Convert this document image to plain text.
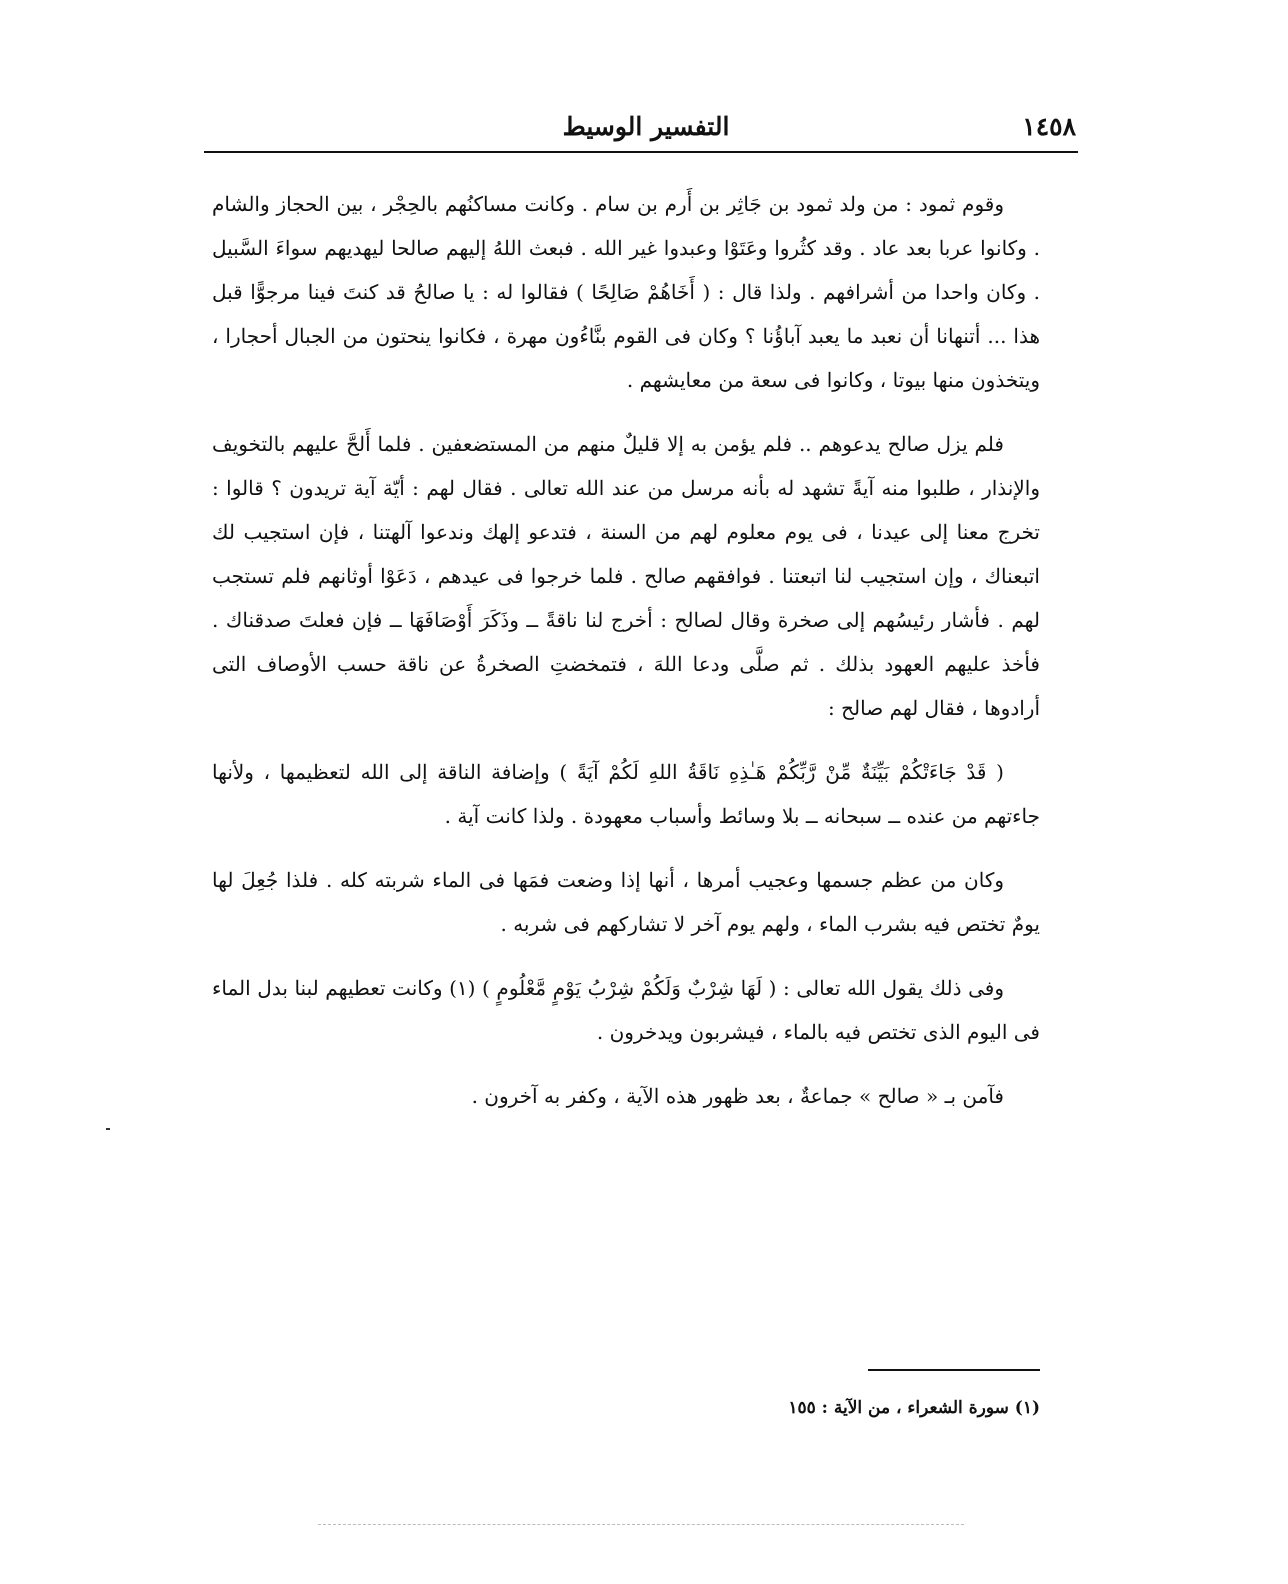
التفسير الوسيط	١٤٥٨

وقوم ثمود : من ولد ثمود بن جَاثِر بن أَرم بن سام . وكانت مساكنُهم بالحِجْر ، بين الحجاز والشام . وكانوا عربا بعد عاد . وقد كثُروا وعَتَوْا وعبدوا غير الله . فبعث اللهُ إليهم صالحا ليهديهم سواءَ السَّبيل . وكان واحدا من أشرافهم . ولذا قال : ( أَخَاهُمْ صَالِحًا ) فقالوا له : يا صالحُ قد كنتَ فينا مرجوًّا قبل هذا ... أتنهانا أن نعبد ما يعبد آباؤُنا ؟ وكان فى القوم بنَّاءُون مهرة ، فكانوا ينحتون من الجبال أحجارا ، ويتخذون منها بيوتا ، وكانوا فى سعة من معايشهم .

فلم يزل صالح يدعوهم .. فلم يؤمن به إلا قليلٌ منهم من المستضعفين . فلما أَلحَّ عليهم بالتخويف والإنذار ، طلبوا منه آيةً تشهد له بأنه مرسل من عند الله تعالى . فقال لهم : أيّة آية تريدون ؟ قالوا : تخرج معنا إلى عيدنا ، فى يوم معلوم لهم من السنة ، فتدعو إلهك وندعوا آلهتنا ، فإن استجيب لك اتبعناك ، وإن استجيب لنا اتبعتنا . فوافقهم صالح . فلما خرجوا فى عيدهم ، دَعَوْا أوثانهم فلم تستجب لهم . فأشار رئيسُهم إلى صخرة وقال لصالح : أخرج لنا ناقةً ــ وذَكَرَ أَوْصَافَهَا ــ فإن فعلتَ صدقناك . فأخذ عليهم العهود بذلك . ثم صلَّى ودعا اللهَ ، فتمخضتِ الصخرةُ عن ناقة حسب الأوصاف التى أرادوها ، فقال لهم صالح :

( قَدْ جَاءَتْكُمْ بَيِّنَةٌ مِّنْ رَّبِّكُمْ هَـٰذِهِ نَاقَةُ اللهِ لَكُمْ آيَةً ) وإضافة الناقة إلى الله لتعظيمها ، ولأنها جاءتهم من عنده ــ سبحانه ــ بلا وسائط وأسباب معهودة . ولذا كانت آية .

وكان من عظم جسمها وعجيب أمرها ، أنها إذا وضعت فمَها فى الماء شربته كله . فلذا جُعِلَ لها يومٌ تختص فيه بشرب الماء ، ولهم يوم آخر لا تشاركهم فى شربه .

وفى ذلك يقول الله تعالى : ( لَهَا شِرْبٌ وَلَكُمْ شِرْبُ يَوْمٍ مَّعْلُومٍ ) (١) وكانت تعطيهم لبنا بدل الماء فى اليوم الذى تختص فيه بالماء ، فيشربون ويدخرون .

فآمن بـ « صالح » جماعةٌ ، بعد ظهور هذه الآية ، وكفر به آخرون .

(١) سورة الشعراء ، من الآية : ١٥٥
